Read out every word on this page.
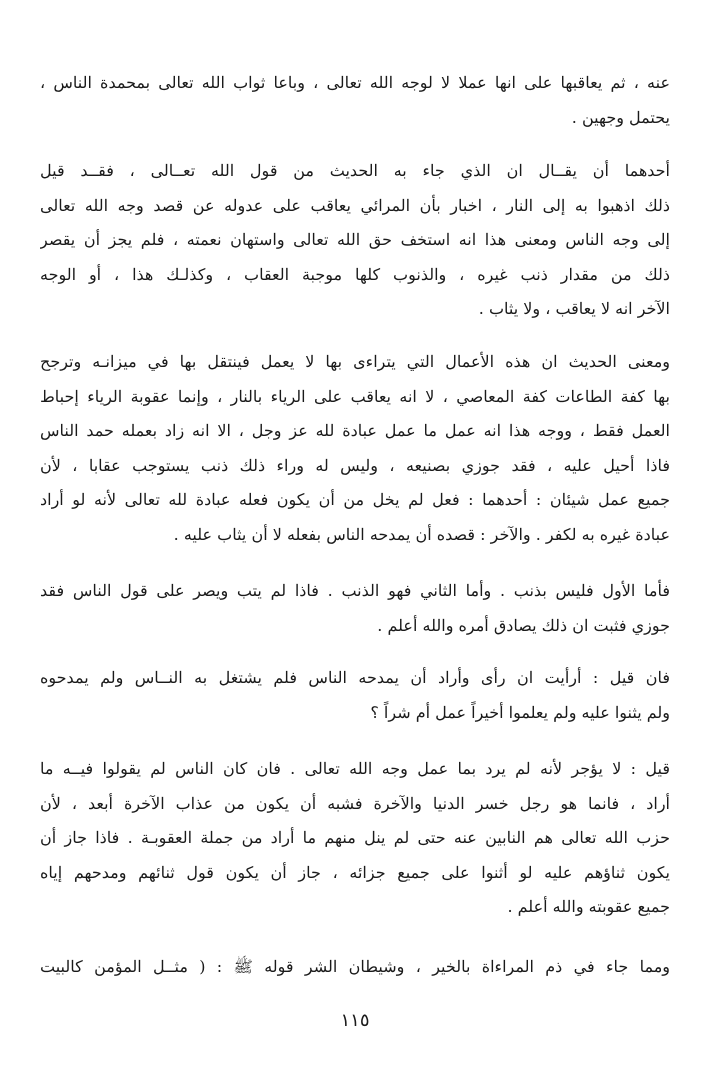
عنه ، ثم يعاقبها على انها عملا لا لوجه الله تعالى ، وباعا ثواب الله تعالى بمحمدة الناس ،
يحتمل وجهين .
أحدهما أن يقــال ان الذي جاء به الحديث من قول الله تعــالى ، فقــد قيل
ذلك اذهبوا به إلى النار ، اخبار بأن المرائي يعاقب على عدوله عن قصد وجه الله تعالى
إلى وجه الناس ومعنى هذا انه استخف حق الله تعالى واستهان نعمته ، فلم يجز أن يقصر
ذلك من مقدار ذنب غيره ، والذنوب كلها موجبة العقاب ، وكذلـك هذا ، أو الوجه
الآخر انه لا يعاقب ، ولا يثاب .
ومعنى الحديث ان هذه الأعمال التي يتراءى بها لا يعمل فينتقل بها في ميزانـه وترجح
بها كفة الطاعات كفة المعاصي ، لا انه يعاقب على الرياء بالنار ، وإنما عقوبة الرياء إحباط
العمل فقط ، ووجه هذا انه عمل ما عمل عبادة لله عز وجل ، الا انه زاد بعمله حمد الناس
فاذا أحيل عليه ، فقد جوزي بصنيعه ، وليس له وراء ذلك ذنب يستوجب عقابا ، لأن
جميع عمل شيئان : أحدهما : فعل لم يخل من أن يكون فعله عبادة لله تعالى لأنه لو أراد
عبادة غيره به لكفر . والآخر : قصده أن يمدحه الناس بفعله لا أن يثاب عليه .
فأما الأول فليس بذنب . وأما الثاني فهو الذنب . فاذا لم يتب ويصر على قول الناس فقد
جوزي فثبت ان ذلك يصادق أمره والله أعلم .
فان قيل : أرأيت ان رأى وأراد أن يمدحه الناس فلم يشتغل به النــاس ولم يمدحوه
ولم يثنوا عليه ولم يعلموا أخيراً عمل أم شراً ؟
قيل : لا يؤجر لأنه لم يرد بما عمل وجه الله تعالى . فان كان الناس لم يقولوا فيــه ما
أراد ، فانما هو رجل خسر الدنيا والآخرة فشبه أن يكون من عذاب الآخرة أبعد ، لأن
حزب الله تعالى هم النابين عنه حتى لم ينل منهم ما أراد من جملة العقوبـة . فاذا جاز أن
يكون ثناؤهم عليه لو أثنوا على جميع جزائه ، جاز أن يكون قول ثنائهم ومدحهم إياه
جميع عقوبته والله أعلم .
ومما جاء في ذم المراءاة بالخير ، وشيطان الشر قوله ﷺ : ( مثــل المؤمن كالبيت
١١٥
